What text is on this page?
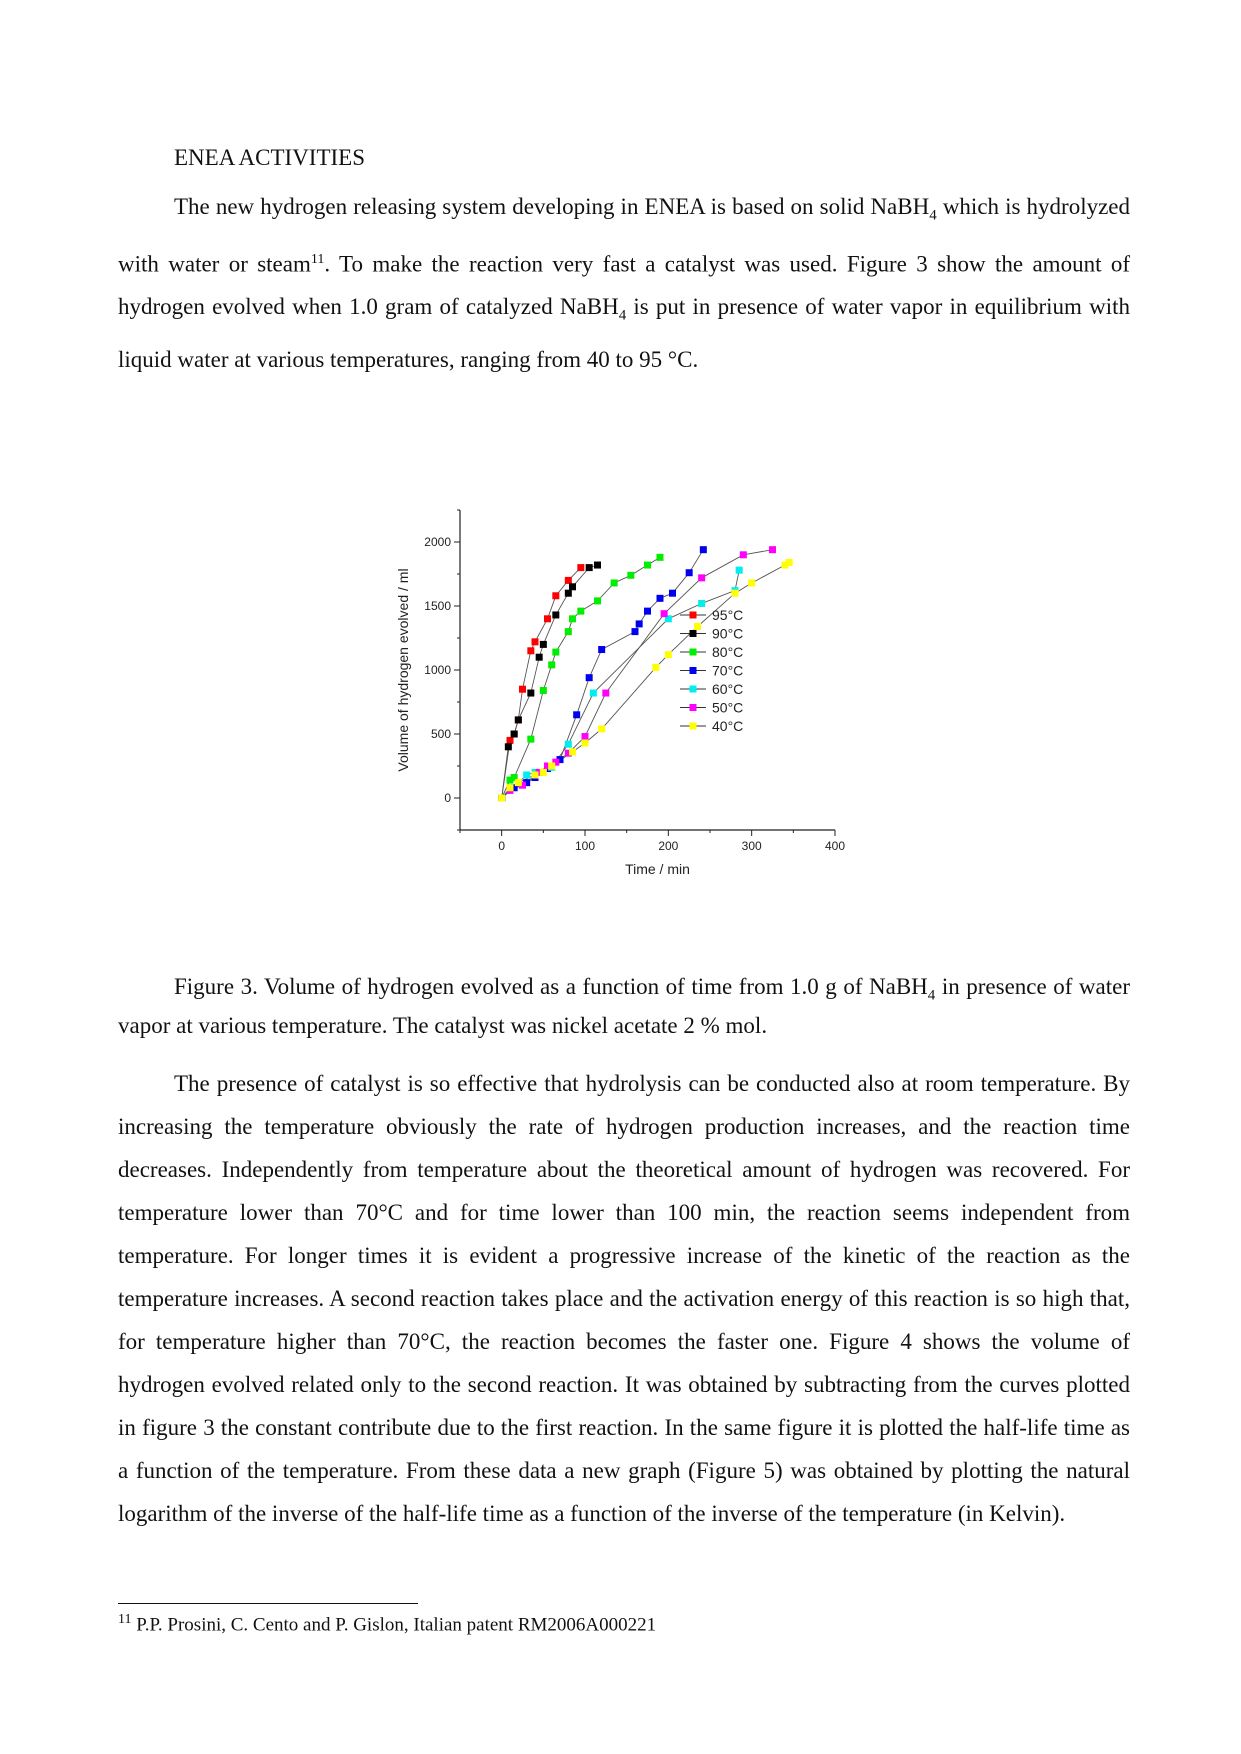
ENEA ACTIVITIES
The new hydrogen releasing system developing in ENEA is based on solid NaBH$_4$ which is hydrolyzed with water or steam$^{11}$. To make the reaction very fast a catalyst was used. Figure 3 show the amount of hydrogen evolved when 1.0 gram of catalyzed NaBH$_4$ is put in presence of water vapor in equilibrium with liquid water at various temperatures, ranging from 40 to 95 °C.
0
500
1000
1500
2000
0	100	200	300	400
Time / min
Volume of hydrogen evolved / ml	95°C
90°C
80°C
70°C
60°C
50°C
40°C
Figure 3. Volume of hydrogen evolved as a function of time from 1.0 g of NaBH$_4$ in presence of water vapor at various temperature. The catalyst was nickel acetate 2 % mol.
The presence of catalyst is so effective that hydrolysis can be conducted also at room temperature. By increasing the temperature obviously the rate of hydrogen production increases, and the reaction time decreases. Independently from temperature about the theoretical amount of hydrogen was recovered. For temperature lower than 70°C and for time lower than 100 min, the reaction seems independent from temperature. For longer times it is evident a progressive increase of the kinetic of the reaction as the temperature increases. A second reaction takes place and the activation energy of this reaction is so high that, for temperature higher than 70°C, the reaction becomes the faster one. Figure 4 shows the volume of hydrogen evolved related only to the second reaction. It was obtained by subtracting from the curves plotted in figure 3 the constant contribute due to the first reaction. In the same figure it is plotted the half-life time as a function of the temperature. From these data a new graph (Figure 5) was obtained by plotting the natural logarithm of the inverse of the half-life time as a function of the inverse of the temperature (in Kelvin).
$^{11}$ P.P. Prosini, C. Cento and P. Gislon, Italian patent RM2006A000221
